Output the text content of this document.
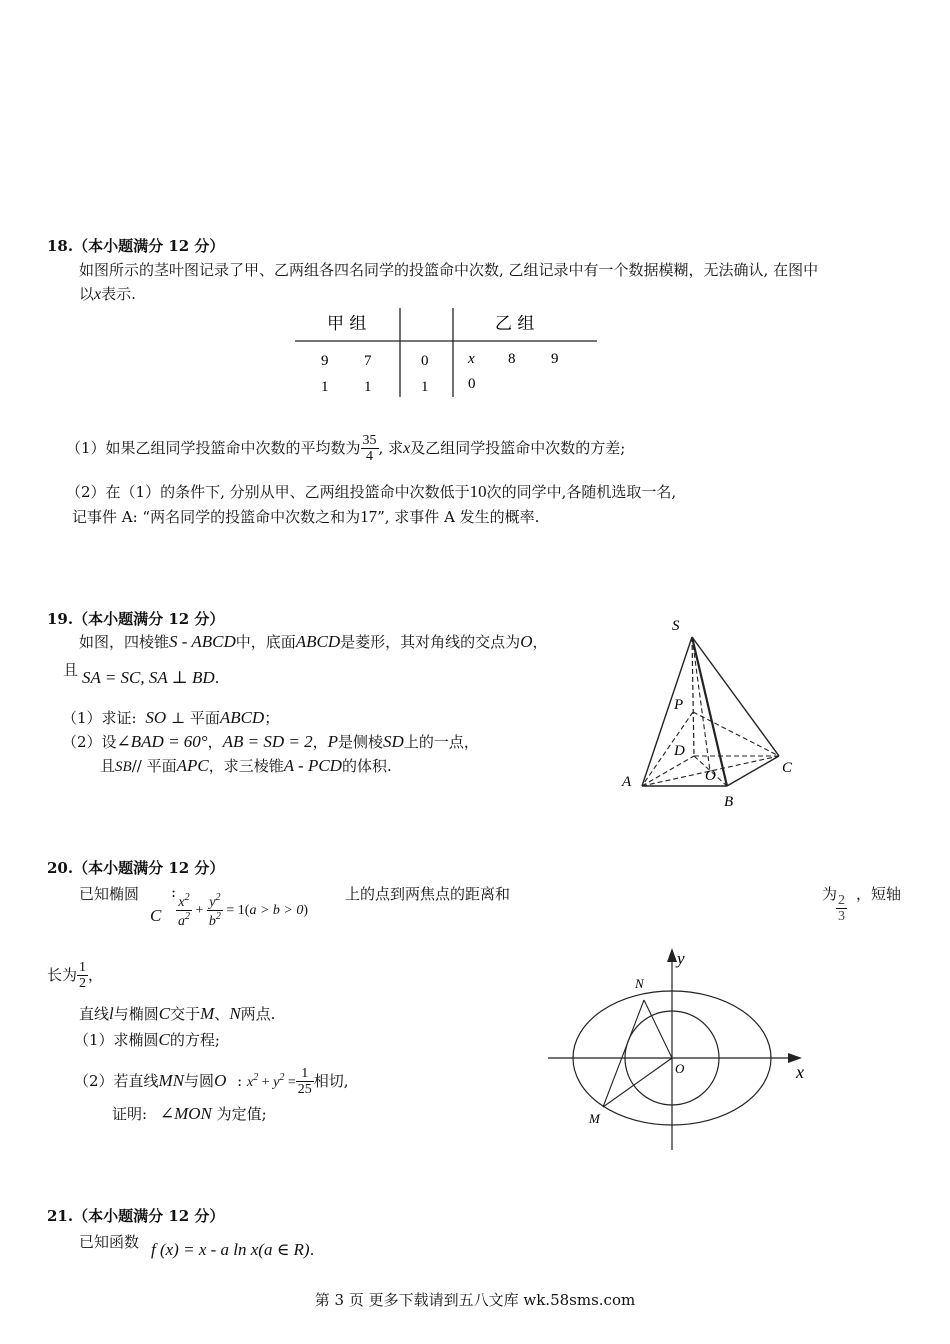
18.（本小题满分 12 分）
如图所示的茎叶图记录了甲、乙两组各四名同学的投篮命中次数, 乙组记录中有一个数据模糊，无法确认, 在图中
以x表示.
甲 组	乙 组
9 7	0	x 8 9
1 1	1	0
（1）如果乙组同学投篮命中次数的平均数为 $\frac{35}{4}$ , 求x及乙组同学投篮命中次数的方差;
（2）在（1）的条件下, 分别从甲、乙两组投篮命中次数低于10次的同学中,各随机选取一名,
记事件 A: “两名同学的投篮命中次数之和为17”, 求事件 A 发生的概率.
19.（本小题满分 12 分）
如图，四棱锥S - ABCD中，底面ABCD是菱形，其对角线的交点为O，
且 SA = SC, SA ⊥ BD.
（1）求证: SO ⊥ 平面ABCD；
（2）设∠BAD = 60°，AB = SD = 2，P是侧棱SD上的一点，
且SB// 平面APC，求三棱锥A - PCD的体积.
S
P
D
O
A
B
C
20.（本小题满分 12 分）
已知椭圆 :
C $\frac{x^2}{a^2} + \frac{y^2}{b^2} = 1(a > b > 0)$
上的点到两焦点的距离和	为
$\frac{2}{3}$ ，短轴
长为 $\frac{1}{2}$ ，
直线l与椭圆C交于M、N两点.
（1）求椭圆C的方程;
（2）若直线MN与圆O : $x^2 + y^2 = \frac{1}{25}$ 相切,
证明: ∠MON 为定值;
y
x
N
O
M
21.（本小题满分 12 分）
已知函数 f (x) = x - a ln x(a ∈ R).
第 3 页 更多下载请到五八文库 wk.58sms.com
